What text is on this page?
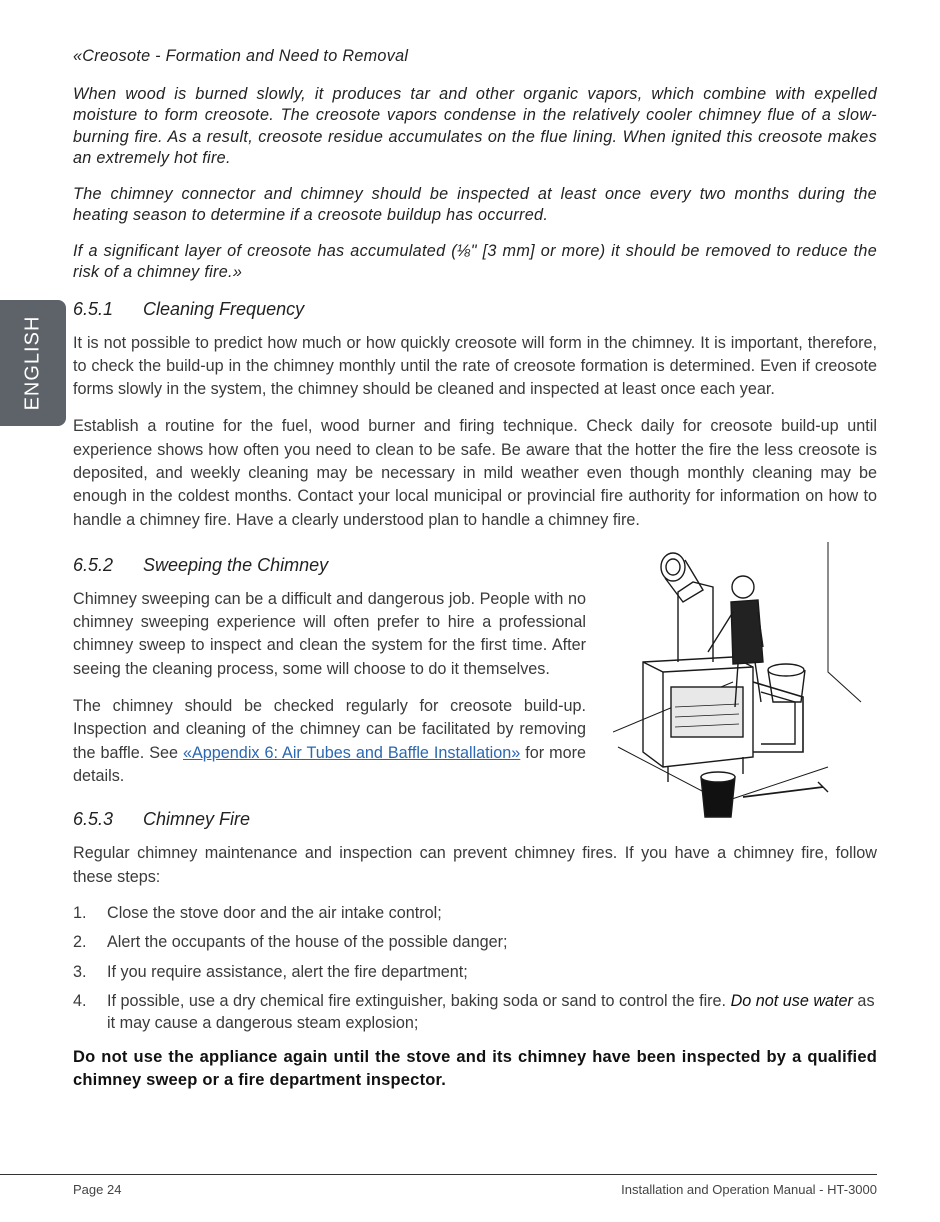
ENGLISH
«Creosote - Formation and Need to Removal

When wood is burned slowly, it produces tar and other organic vapors, which combine with expelled moisture to form creosote. The creosote vapors condense in the relatively cooler chimney flue of a slow-burning fire. As a result, creosote residue accumulates on the flue lining. When ignited this creosote makes an extremely hot fire.

The chimney connector and chimney should be inspected at least once every two months during the heating season to determine if a creosote buildup has occurred.

If a significant layer of creosote has accumulated (⅛" [3 mm] or more) it should be removed to reduce the risk of a chimney fire.»

6.5.1 Cleaning Frequency

It is not possible to predict how much or how quickly creosote will form in the chimney. It is important, therefore, to check the build-up in the chimney monthly until the rate of creosote formation is determined. Even if creosote forms slowly in the system, the chimney should be cleaned and inspected at least once each year.

Establish a routine for the fuel, wood burner and firing technique. Check daily for creosote build-up until experience shows how often you need to clean to be safe. Be aware that the hotter the fire the less creosote is deposited, and weekly cleaning may be necessary in mild weather even though monthly cleaning may be enough in the coldest months. Contact your local municipal or provincial fire authority for information on how to handle a chimney fire. Have a clearly understood plan to handle a chimney fire.

6.5.2 Sweeping the Chimney

Chimney sweeping can be a difficult and dangerous job. People with no chimney sweeping experience will often prefer to hire a professional chimney sweep to inspect and clean the system for the first time. After seeing the cleaning process, some will choose to do it themselves.

The chimney should be checked regularly for creosote build-up. Inspection and cleaning of the chimney can be facilitated by removing the baffle. See «Appendix 6: Air Tubes and Baffle Installation» for more details.

6.5.3 Chimney Fire

Regular chimney maintenance and inspection can prevent chimney fires. If you have a chimney fire, follow these steps:

1. Close the stove door and the air intake control;
2. Alert the occupants of the house of the possible danger;
3. If you require assistance, alert the fire department;
4. If possible, use a dry chemical fire extinguisher, baking soda or sand to control the fire. Do not use water as it may cause a dangerous steam explosion;

Do not use the appliance again until the stove and its chimney have been inspected by a qualified chimney sweep or a fire department inspector.

Page 24	Installation and Operation Manual - HT-3000
